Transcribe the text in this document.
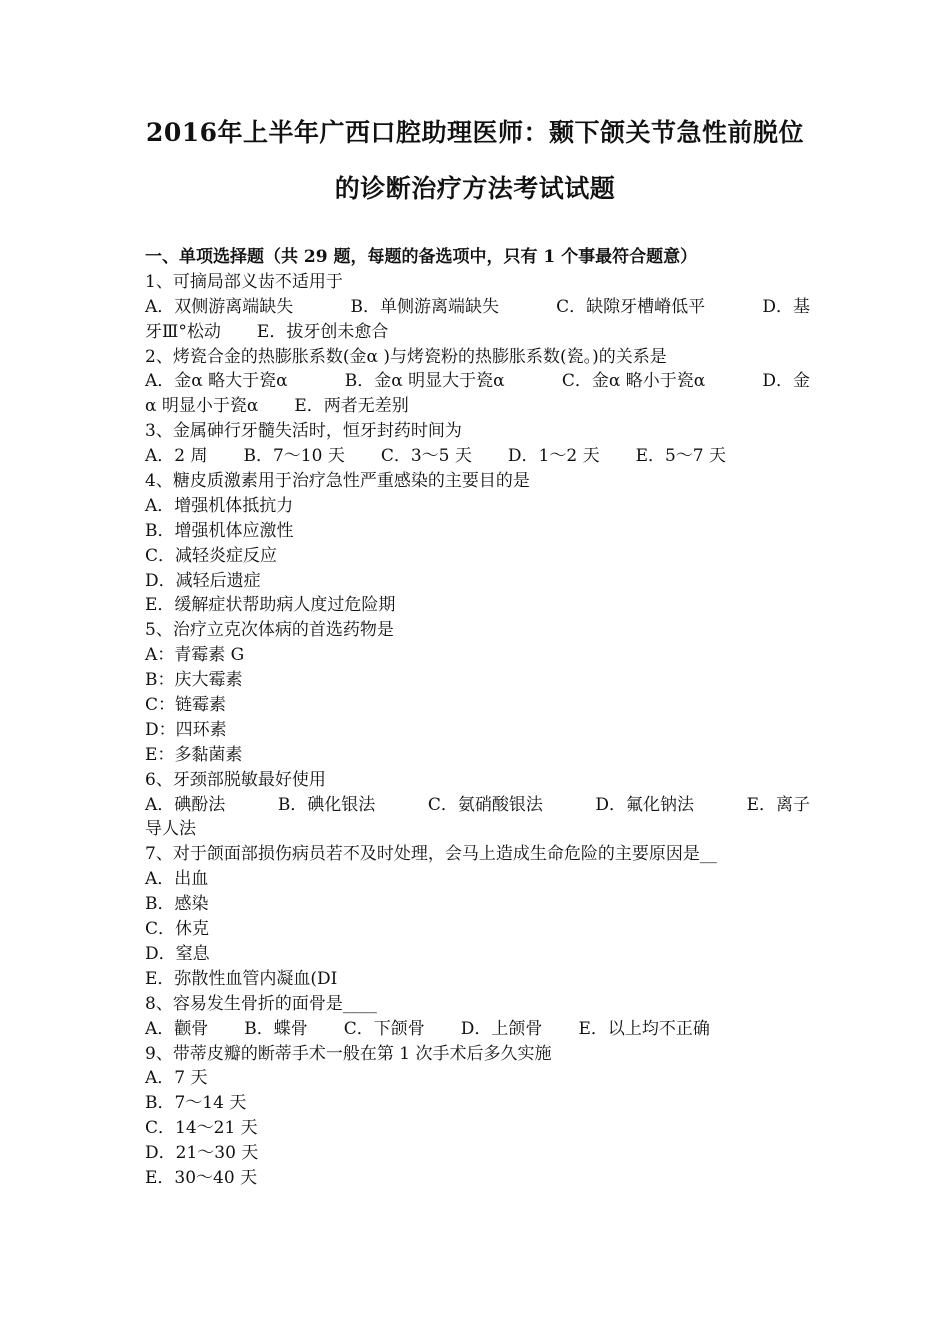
2016年上半年广西口腔助理医师：颞下颌关节急性前脱位
的诊断治疗方法考试试题
一、单项选择题（共 29 题，每题的备选项中，只有 1 个事最符合题意）
1、可摘局部义齿不适用于
A．双侧游离端缺失	B．单侧游离端缺失	C．缺隙牙槽嵴低平	D．基
牙Ⅲ°松动 E．拔牙创未愈合
2、烤瓷合金的热膨胀系数(金α )与烤瓷粉的热膨胀系数(瓷。)的关系是
A．金α 略大于瓷α	B．金α 明显大于瓷α	C．金α 略小于瓷α	D．金
α 明显小于瓷α E．两者无差别
3、金属砷行牙髓失活时，恒牙封药时间为
A．2 周 B．7～10 天 C．3～5 天 D．1～2 天 E．5～7 天
4、糖皮质激素用于治疗急性严重感染的主要目的是
A．增强机体抵抗力
B．增强机体应激性
C．减轻炎症反应
D．减轻后遗症
E．缓解症状帮助病人度过危险期
5、治疗立克次体病的首选药物是
A：青霉素 G
B：庆大霉素
C：链霉素
D：四环素
E：多黏菌素
6、牙颈部脱敏最好使用
A．碘酚法	B．碘化银法	C．氨硝酸银法	D．氟化钠法	E．离子
导人法
7、对于颌面部损伤病员若不及时处理，会马上造成生命危险的主要原因是__
A．出血
B．感染
C．休克
D．窒息
E．弥散性血管内凝血(DI
8、容易发生骨折的面骨是____
A．颧骨 B．蝶骨 C．下颌骨 D．上颌骨 E．以上均不正确
9、带蒂皮瓣的断蒂手术一般在第 1 次手术后多久实施
A．7 天
B．7～14 天
C．14～21 天
D．21～30 天
E．30～40 天
